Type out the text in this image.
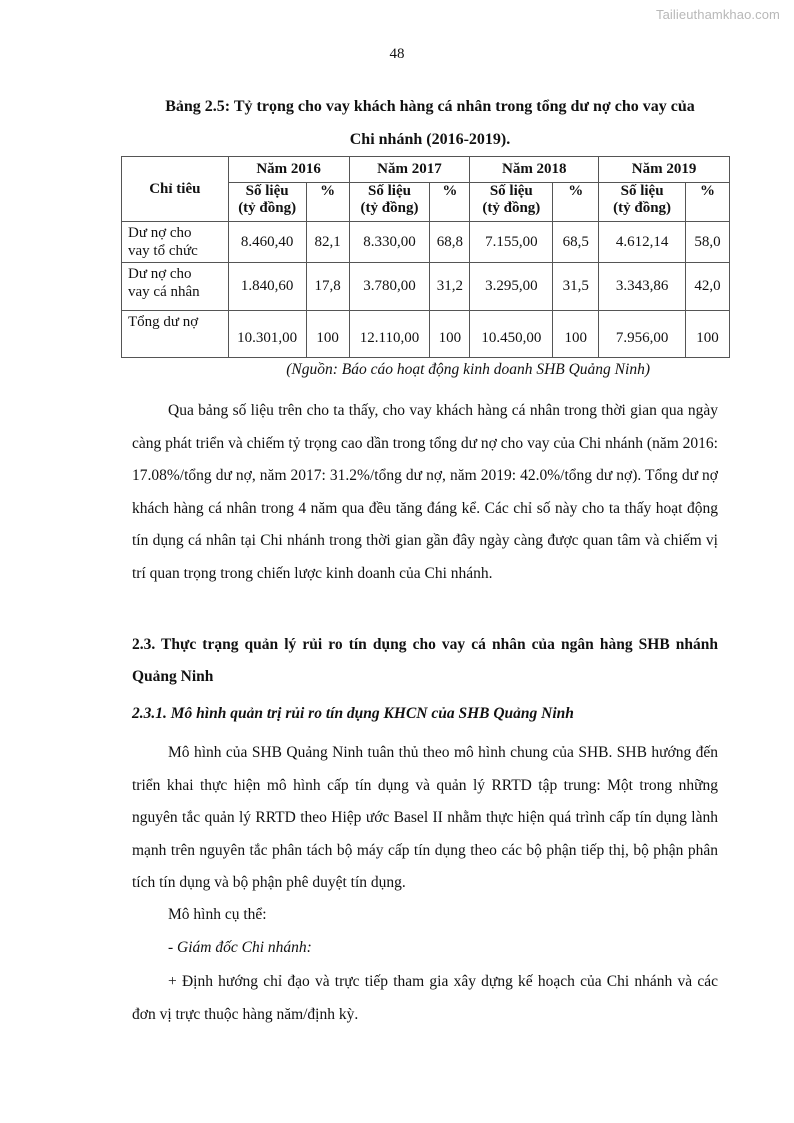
Tailieuthamkhao.com
48
Bảng 2.5: Tỷ trọng cho vay khách hàng cá nhân trong tổng dư nợ cho vay của
Chi nhánh (2016-2019).
Chỉ tiêu	Năm 2016		Năm 2017		Năm 2018		Năm 2019	
	Số liệu
(tỷ đồng)	%	Số liệu
(tỷ đồng)	%	Số liệu
(tỷ đồng)	%	Số liệu
(tỷ đồng)	%
Dư nợ cho
vay tổ chức	8.460,40	82,1	8.330,00	68,8	7.155,00	68,5	4.612,14	58,0
Dư nợ cho
vay cá nhân	1.840,60	17,8	3.780,00	31,2	3.295,00	31,5	3.343,86	42,0
Tổng dư nợ	10.301,00	100	12.110,00	100	10.450,00	100	7.956,00	100
(Nguồn: Báo cáo hoạt động kinh doanh SHB Quảng Ninh)

Qua bảng số liệu trên cho ta thấy, cho vay khách hàng cá nhân trong thời gian qua ngày càng phát triển và chiếm tỷ trọng cao dần trong tổng dư nợ cho vay của Chi nhánh (năm 2016: 17.08%/tổng dư nợ, năm 2017: 31.2%/tổng dư nợ, năm 2019: 42.0%/tổng dư nợ). Tổng dư nợ khách hàng cá nhân trong 4 năm qua đều tăng đáng kể. Các chỉ số này cho ta thấy hoạt động tín dụng cá nhân tại Chi nhánh trong thời gian gần đây ngày càng được quan tâm và chiếm vị trí quan trọng trong chiến lược kinh doanh của Chi nhánh.

2.3. Thực trạng quản lý rủi ro tín dụng cho vay cá nhân của ngân hàng SHB nhánh Quảng Ninh

2.3.1. Mô hình quản trị rủi ro tín dụng KHCN của SHB Quảng Ninh

Mô hình của SHB Quảng Ninh tuân thủ theo mô hình chung của SHB. SHB hướng đến triển khai thực hiện mô hình cấp tín dụng và quản lý RRTD tập trung: Một trong những nguyên tắc quản lý RRTD theo Hiệp ước Basel II nhằm thực hiện quá trình cấp tín dụng lành mạnh trên nguyên tắc phân tách bộ máy cấp tín dụng theo các bộ phận tiếp thị, bộ phận phân tích tín dụng và bộ phận phê duyệt tín dụng.

Mô hình cụ thể:

- Giám đốc Chi nhánh:

+ Định hướng chỉ đạo và trực tiếp tham gia xây dựng kế hoạch của Chi nhánh và các đơn vị trực thuộc hàng năm/định kỳ.
